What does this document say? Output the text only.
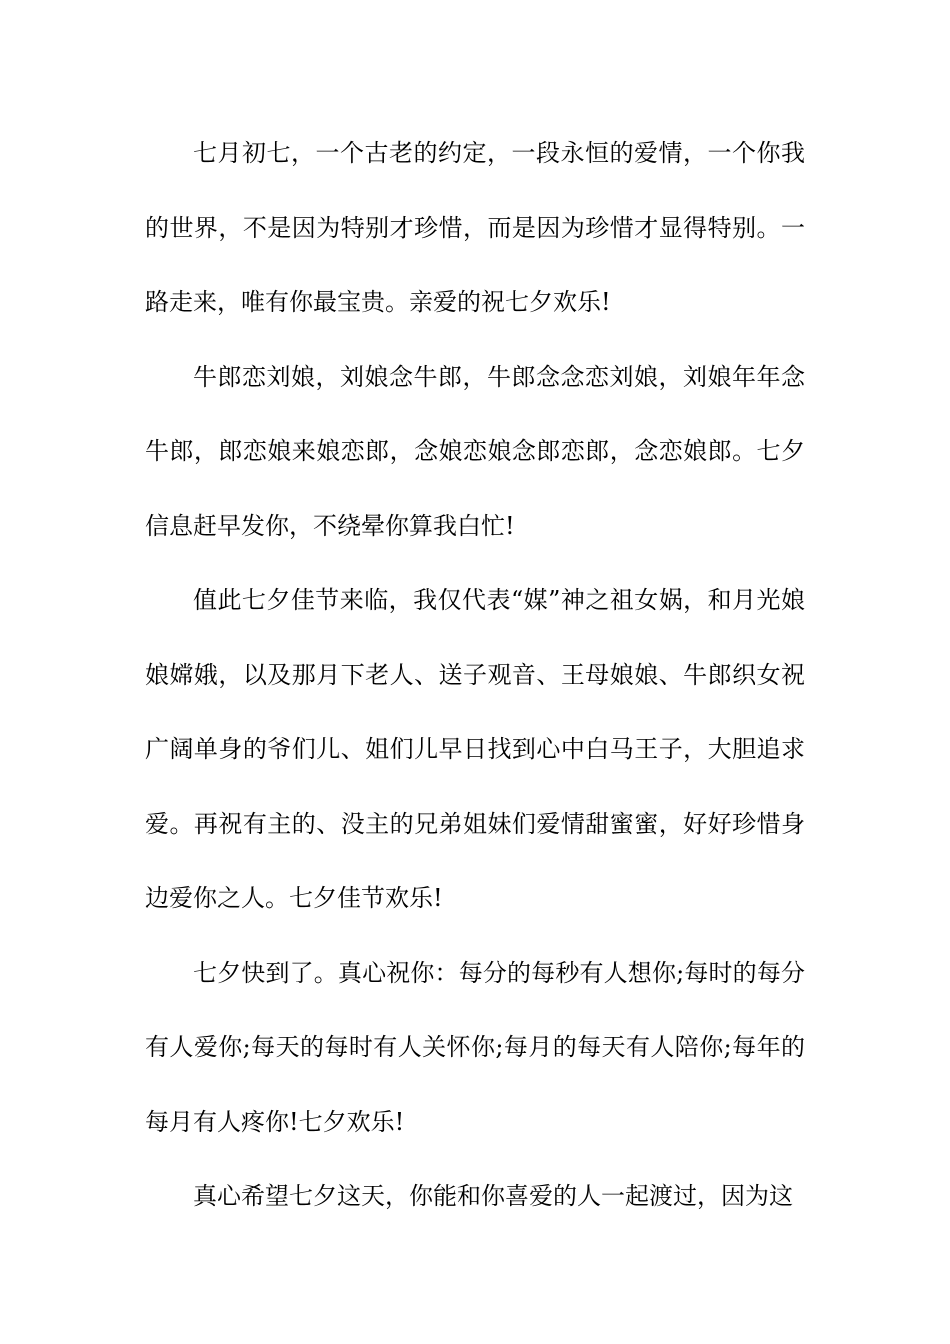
七月初七，一个古老的约定，一段永恒的爱情，一个你我的世界，不是因为特别才珍惜，而是因为珍惜才显得特别。一路走来，唯有你最宝贵。亲爱的祝七夕欢乐!

牛郎恋刘娘，刘娘念牛郎，牛郎念念恋刘娘，刘娘年年念牛郎，郎恋娘来娘恋郎，念娘恋娘念郎恋郎，念恋娘郎。七夕信息赶早发你，不绕晕你算我白忙!

值此七夕佳节来临，我仅代表“媒”神之祖女娲，和月光娘娘嫦娥，以及那月下老人、送子观音、王母娘娘、牛郎织女祝广阔单身的爷们儿、姐们儿早日找到心中白马王子，大胆追求爱。再祝有主的、没主的兄弟姐妹们爱情甜蜜蜜，好好珍惜身边爱你之人。七夕佳节欢乐!

七夕快到了。真心祝你：每分的每秒有人想你;每时的每分有人爱你;每天的每时有人关怀你;每月的每天有人陪你;每年的每月有人疼你!七夕欢乐!

真心希望七夕这天，你能和你喜爱的人一起渡过，因为这
